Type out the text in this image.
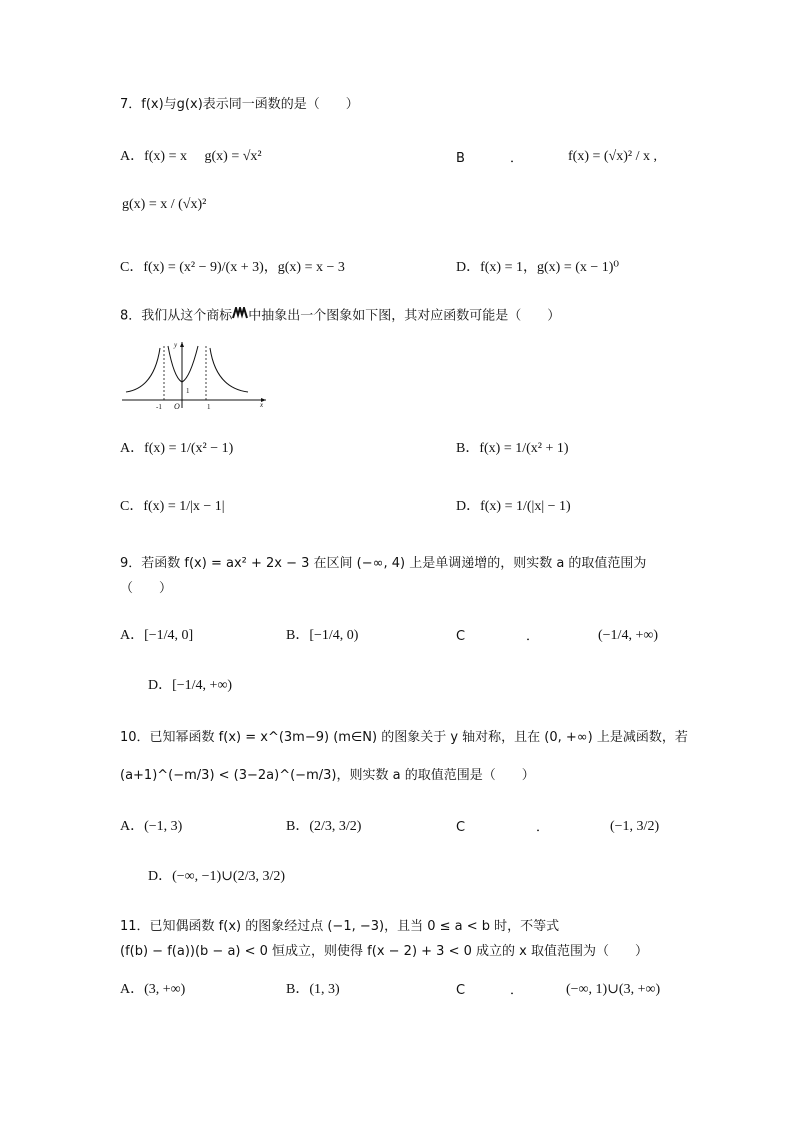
7．f(x)与g(x)表示同一函数的是（　　）
A．f(x) = x　 g(x) = √x²	B	．	f(x) = (√x)² / x ,
g(x) = x / (√x)²
C．f(x) = (x² − 9)/(x + 3)，g(x) = x − 3	D．f(x) = 1，g(x) = (x − 1)⁰
8．我们从这个商标 中抽象出一个图象如下图，其对应函数可能是（　　）
y
x
O
-1	1
1
A．f(x) = 1/(x² − 1)	B．f(x) = 1/(x² + 1)
C．f(x) = 1/|x − 1|	D．f(x) = 1/(|x| − 1)
9．若函数 f(x) = ax² + 2x − 3 在区间 (−∞, 4) 上是单调递增的，则实数 a 的取值范围为
（　　）
A．[−1/4, 0]	B．[−1/4, 0)	C	．	(−1/4, +∞)
D．[−1/4, +∞)
10．已知幂函数 f(x) = x^(3m−9) (m∈N) 的图象关于 y 轴对称，且在 (0, +∞) 上是减函数，若
(a+1)^(−m/3) < (3−2a)^(−m/3)，则实数 a 的取值范围是（　　）
A．(−1, 3)	B．(2/3, 3/2)	C	．	(−1, 3/2)
D．(−∞, −1)∪(2/3, 3/2)
11．已知偶函数 f(x) 的图象经过点 (−1, −3)，且当 0 ≤ a < b 时，不等式
(f(b) − f(a))(b − a) < 0 恒成立，则使得 f(x − 2) + 3 < 0 成立的 x 取值范围为（　　）
A．(3, +∞)	B．(1, 3)	C	．	(−∞, 1)∪(3, +∞)
